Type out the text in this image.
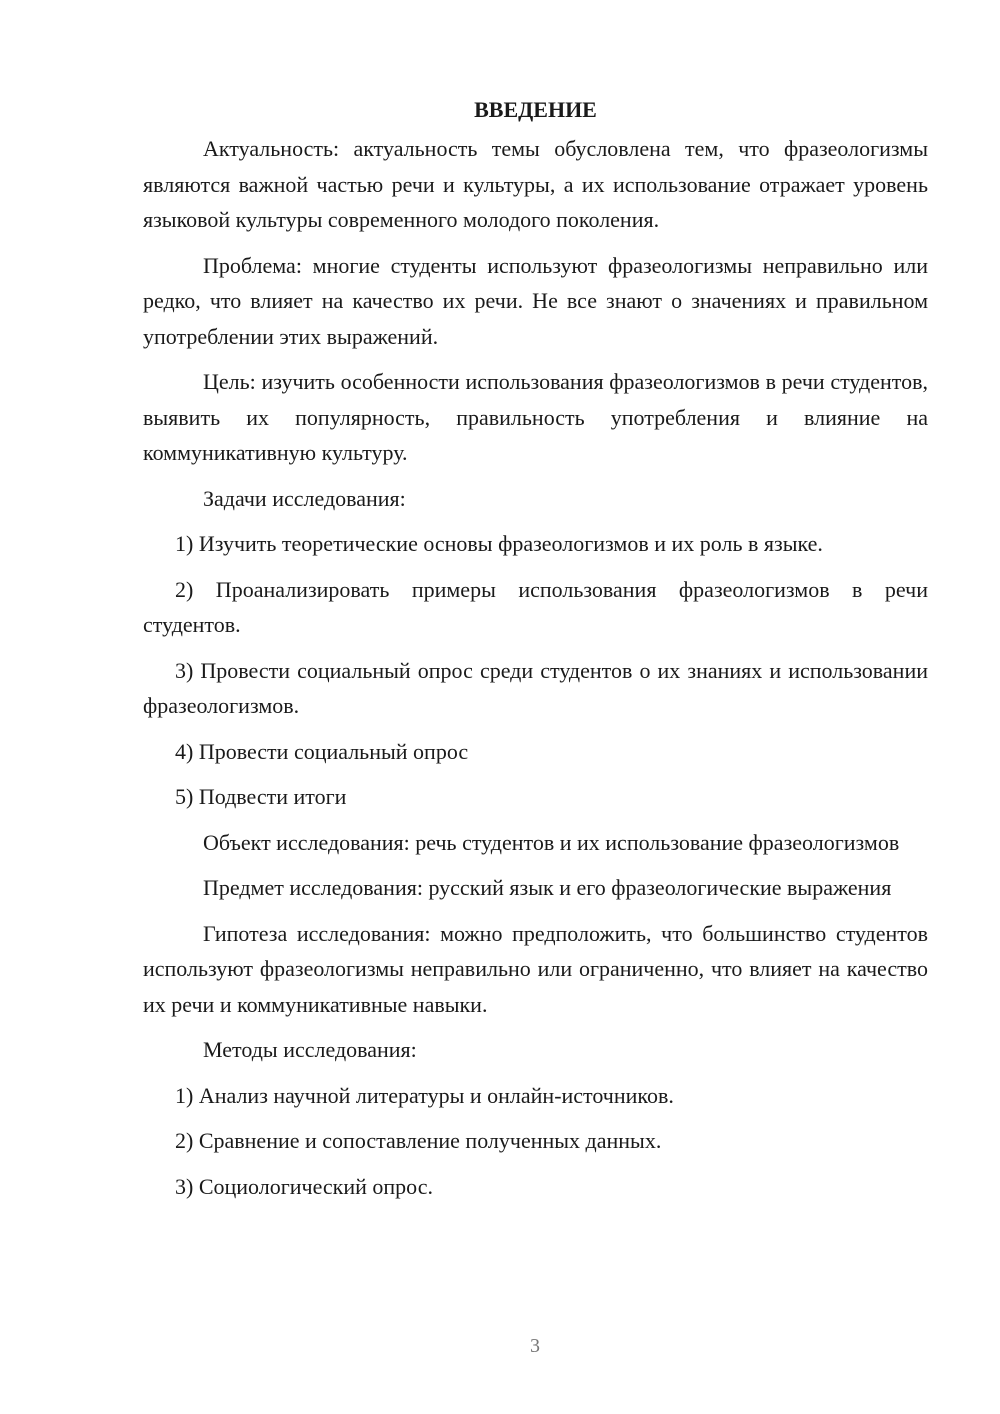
ВВЕДЕНИЕ

Актуальность: актуальность темы обусловлена тем, что фразеологизмы являются важной частью речи и культуры, а их использование отражает уровень языковой культуры современного молодого поколения.

Проблема: многие студенты используют фразеологизмы неправильно или редко, что влияет на качество их речи. Не все знают о значениях и правильном употреблении этих выражений.

Цель: изучить особенности использования фразеологизмов в речи студентов, выявить их популярность, правильность употребления и влияние на коммуникативную культуру.

Задачи исследования:

1) Изучить теоретические основы фразеологизмов и их роль в языке.

2) Проанализировать примеры использования фразеологизмов в речи студентов.

3) Провести социальный опрос среди студентов о их знаниях и использовании фразеологизмов.

4) Провести социальный опрос

5) Подвести итоги

Объект исследования: речь студентов и их использование фразеологизмов

Предмет исследования: русский язык и его фразеологические выражения

Гипотеза исследования: можно предположить, что большинство студентов используют фразеологизмы неправильно или ограниченно, что влияет на качество их речи и коммуникативные навыки.

Методы исследования:

1) Анализ научной литературы и онлайн-источников.

2) Сравнение и сопоставление полученных данных.

3) Социологический опрос.

3
